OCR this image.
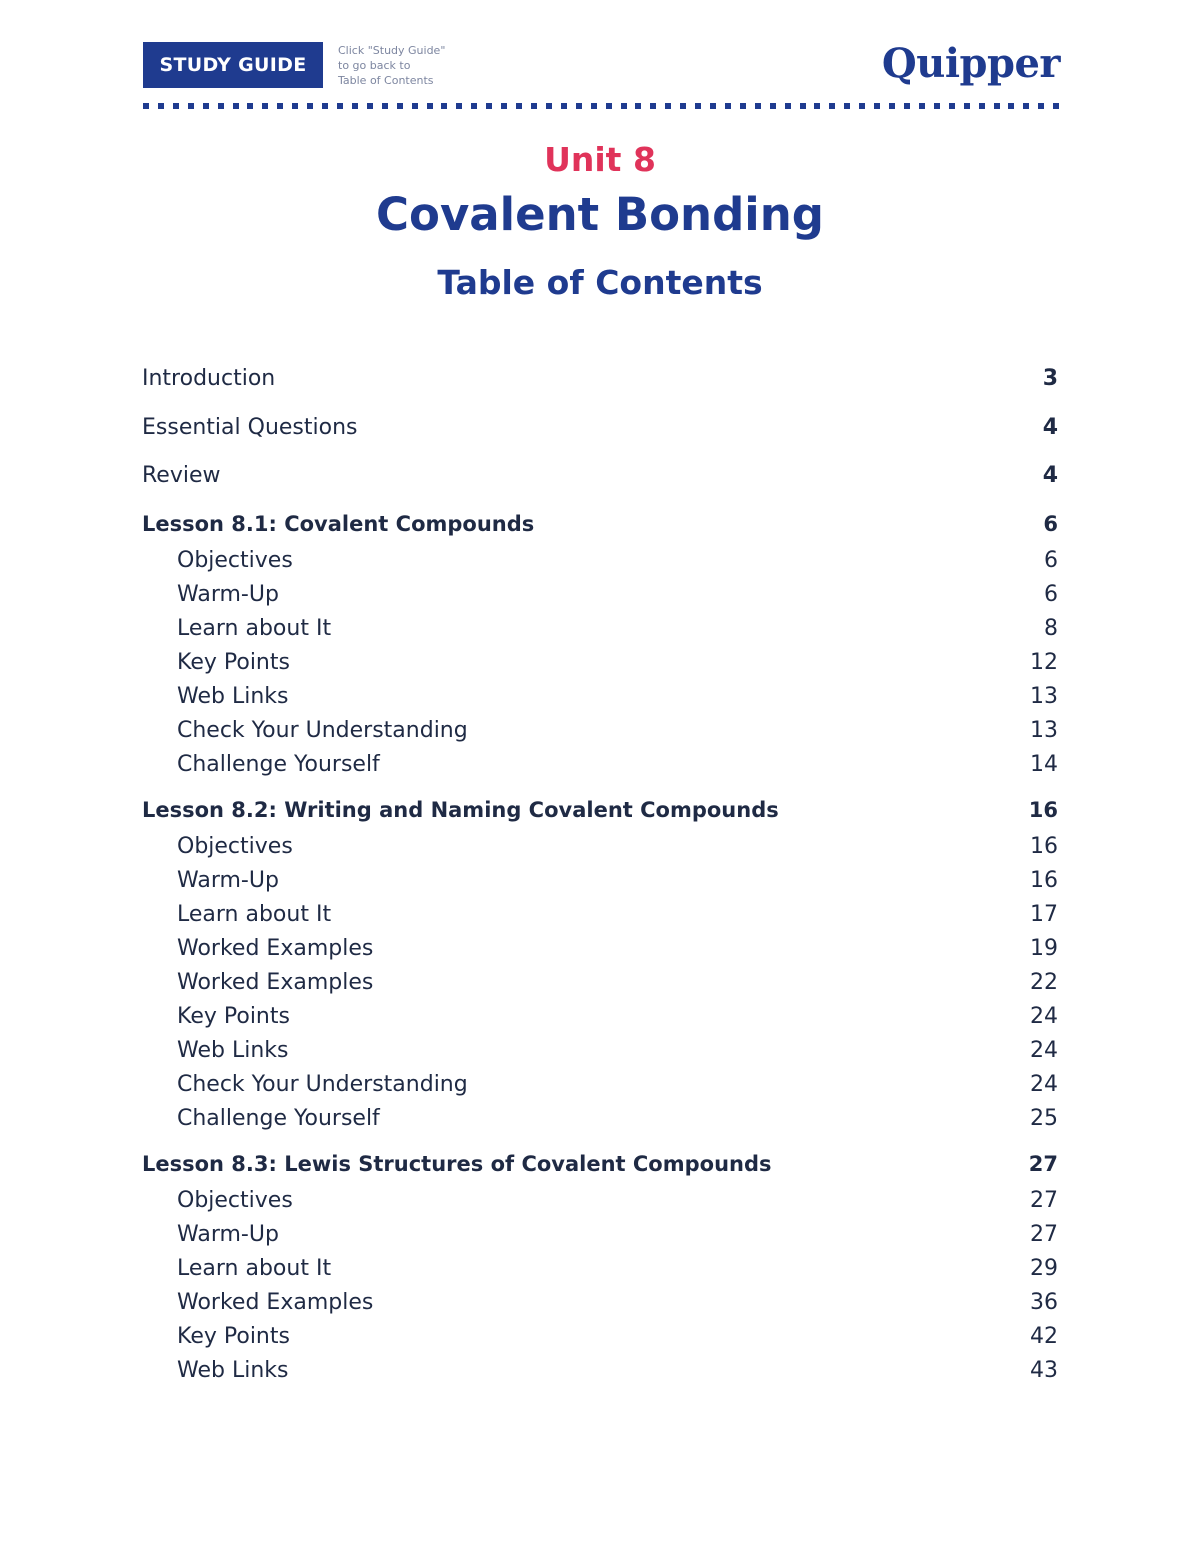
STUDY GUIDE
Click "Study Guide"
to go back to
Table of Contents	Quipper
Unit 8
Covalent Bonding
Table of Contents
Introduction	3
Essential Questions	4
Review	4
Lesson 8.1: Covalent Compounds	6
Objectives	6
Warm-Up	6
Learn about It	8
Key Points	12
Web Links	13
Check Your Understanding	13
Challenge Yourself	14
Lesson 8.2: Writing and Naming Covalent Compounds	16
Objectives	16
Warm-Up	16
Learn about It	17
Worked Examples	19
Worked Examples	22
Key Points	24
Web Links	24
Check Your Understanding	24
Challenge Yourself	25
Lesson 8.3: Lewis Structures of Covalent Compounds	27
Objectives	27
Warm-Up	27
Learn about It	29
Worked Examples	36
Key Points	42
Web Links	43
